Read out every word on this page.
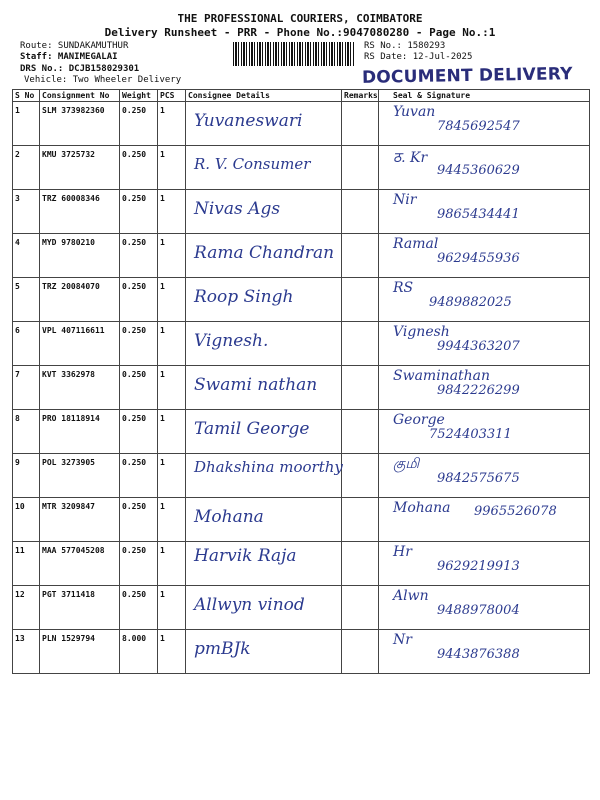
THE PROFESSIONAL COURIERS, COIMBATORE
Delivery Runsheet - PRR - Phone No.:9047080280 - Page No.:1
Route: SUNDAKAMUTHUR
Staff: MANIMEGALAI
DRS No.: DCJB158029301
Vehicle: Two Wheeler Delivery
RS No.: 1580293
RS Date: 12-Jul-2025
DOCUMENT DELIVERY
S No	Consignment No	Weight	PCS	Consignee Details	Remarks	Seal & Signature
1	SLM 373982360	0.250	1	Yuvaneswari		Yuvan
7845692547

2	KMU 3725732	0.250	1	R. V. Consumer		ठ. Kr
9445360629

3	TRZ 60008346	0.250	1	Nivas Ags		Nir
9865434441

4	MYD 9780210	0.250	1	Rama Chandran		Ramal
9629455936

5	TRZ 20084070	0.250	1	Roop Singh		RS
9489882025

6	VPL 407116611	0.250	1	Vignesh.		Vignesh
9944363207

7	KVT 3362978	0.250	1	Swami nathan		Swaminathan
9842226299

8	PRO 18118914	0.250	1	Tamil George		George
7524403311

9	POL 3273905	0.250	1	Dhakshina moorthy		குமி
9842575675

10	MTR 3209847	0.250	1	Mohana		Mohana 9965526078

11	MAA 577045208	0.250	1	Harvik Raja		Hr
9629219913

12	PGT 3711418	0.250	1	Allwyn vinod		Alwn
9488978004

13	PLN 1529794	8.000	1	pmBJk		Nr
9443876388
